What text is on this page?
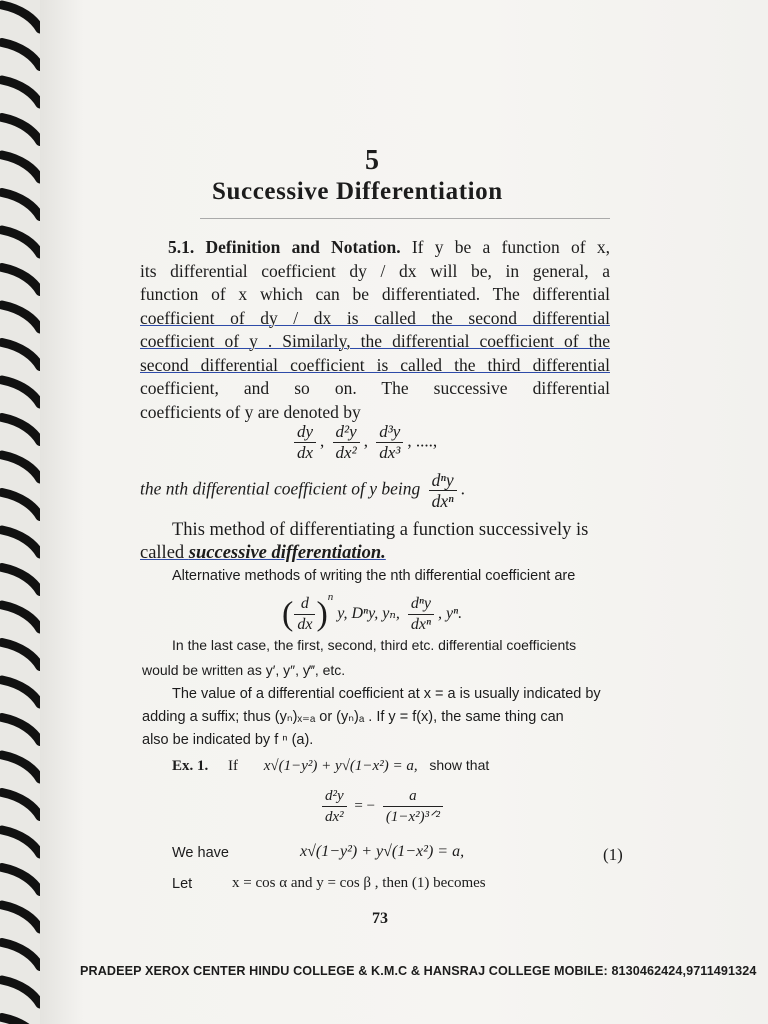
5
Successive Differentiation
5.1. Definition and Notation. If y be a function of x,
its differential coefficient dy / dx will be, in general, a
function of x which can be differentiated. The differential
coefficient of dy / dx is called the second differential
coefficient of y . Similarly, the differential coefficient of the
second differential coefficient is called the third differential
coefficient, and so on. The successive differential
coefficients of y are denoted by
$\frac{dy}{dx}$ , $\frac{\text{d²y}}{\text{dx²}}$ , $\frac{\text{d³y}}{\text{dx³}}$ , ....,
the nth differential coefficient of y being $\frac{\text{dⁿy}}{\text{dxⁿ}}$ .
This method of differentiating a function successively is
called successive differentiation.
Alternative methods of writing the nth differential coefficient are
( $\frac{d}{dx} )^n$ y, Dⁿy, yₙ, $\frac{\text{dⁿy}}{\text{dxⁿ}}$ , yⁿ.
In the last case, the first, second, third etc. differential coefficients
would be written as y′, y″, y‴, etc.
The value of a differential coefficient at x = a is usually indicated by
adding a suffix; thus (yₙ)ₓ₌ₐ or (yₙ)ₐ . If y = f(x), the same thing can
also be indicated by f ⁿ (a).
Ex. 1. If x√(1−y²) + y√(1−x²) = a, show that
$\frac{\text{d²y}}{\text{dx²}}$ = − $\frac{a}{\text{(1−x²)³ᐟ²}}$
We have	x√(1−y²) + y√(1−x²) = a,	(1)
Let	x = cos α and y = cos β , then (1) becomes
73
PRADEEP XEROX CENTER HINDU COLLEGE & K.M.C & HANSRAJ COLLEGE MOBILE: 8130462424,9711491324
